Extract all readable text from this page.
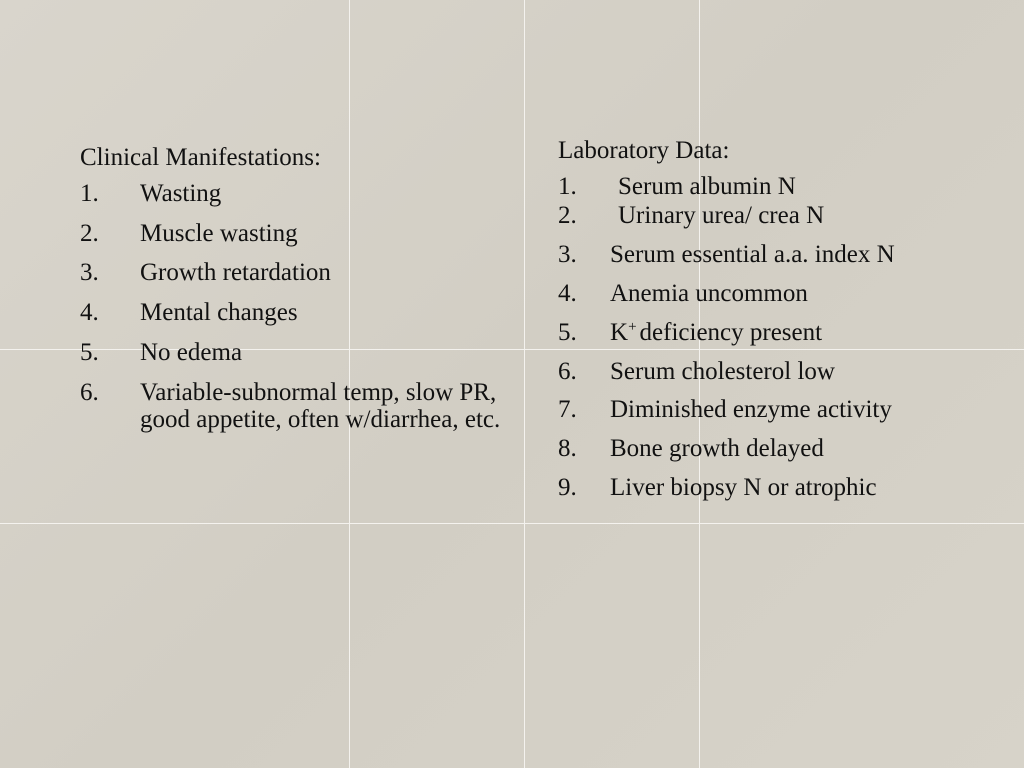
Clinical Manifestations:
1.	Wasting
2.	Muscle wasting
3.	Growth retardation
4.	Mental changes
5.	No edema
6.	Variable-subnormal temp, slow PR, good appetite, often w/diarrhea, etc.
Laboratory Data:
1.	Serum albumin N
2.	Urinary urea/ crea N
3.	Serum essential a.a. index N
4.	Anemia uncommon
5.	K+ deficiency present
6.	Serum cholesterol low
7.	Diminished enzyme activity
8.	Bone growth delayed
9.	Liver biopsy N or atrophic
